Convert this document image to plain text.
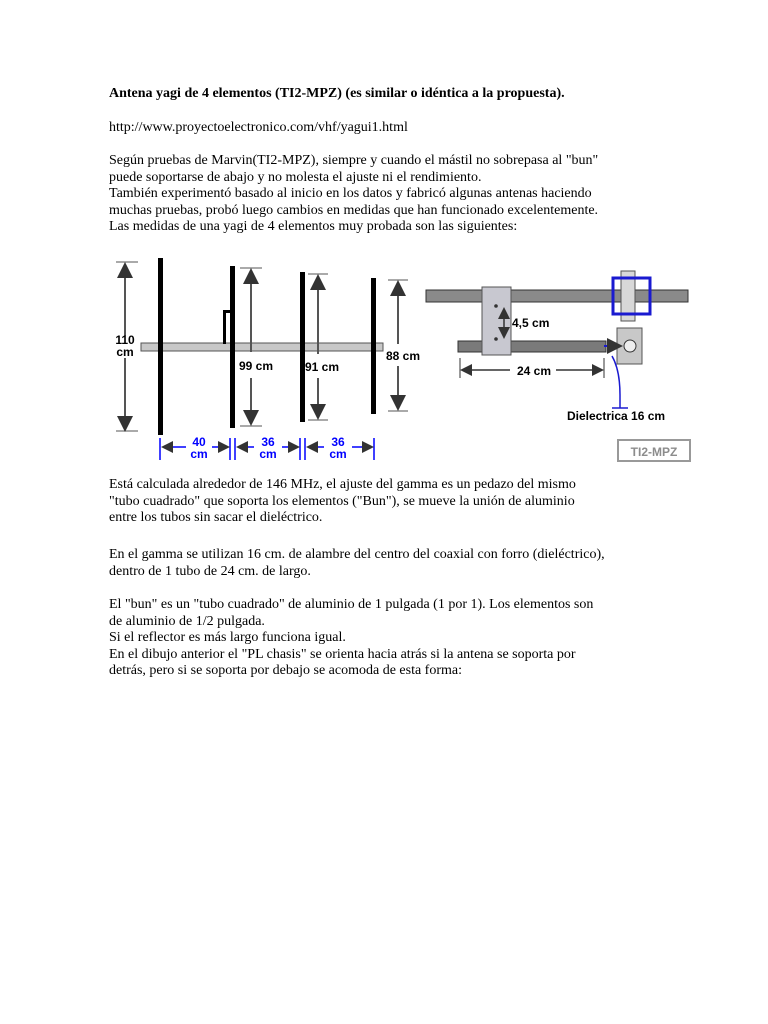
Antena yagi de 4 elementos (TI2-MPZ) (es similar o idéntica a la propuesta).
http://www.proyectoelectronico.com/vhf/yagui1.html
Según pruebas de Marvin(TI2-MPZ), siempre y cuando el mástil no sobrepasa al "bun"
puede soportarse de abajo y no molesta el ajuste ni el rendimiento.
También experimentó basado al inicio en los datos y fabricó algunas antenas haciendo
muchas pruebas, probó luego cambios en medidas que han funcionado excelentemente.
Las medidas de una yagi de 4 elementos muy probada son las siguientes:
110
cm
99 cm	91 cm
88 cm
40
cm
36
cm
36
cm
4,5 cm
24 cm
Dielectrica 16 cm
TI2-MPZ
Está calculada alrededor de 146 MHz, el ajuste del gamma es un pedazo del mismo
"tubo cuadrado" que soporta los elementos ("Bun"), se mueve la unión de aluminio
entre los tubos sin sacar el dieléctrico.
En el gamma se utilizan 16 cm. de alambre del centro del coaxial con forro (dieléctrico),
dentro de 1 tubo de 24 cm. de largo.
El "bun" es un "tubo cuadrado" de aluminio de 1 pulgada (1 por 1). Los elementos son
de aluminio de 1/2 pulgada.
Si el reflector es más largo funciona igual.
En el dibujo anterior el "PL chasis" se orienta hacia atrás si la antena se soporta por
detrás, pero si se soporta por debajo se acomoda de esta forma:
